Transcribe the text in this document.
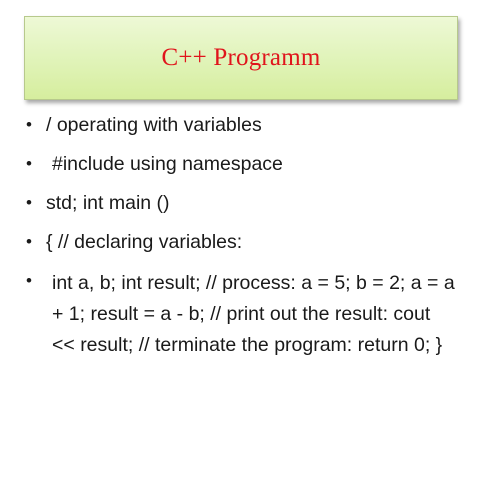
C++ Programm
• / operating with variables
•	#include using namespace
• std; int main ()
• { // declaring variables:
•	int a, b; int result; // process: a = 5; b = 2; a = a + 1; result = a - b; // print out the result: cout << result; // terminate the program: return 0; }
